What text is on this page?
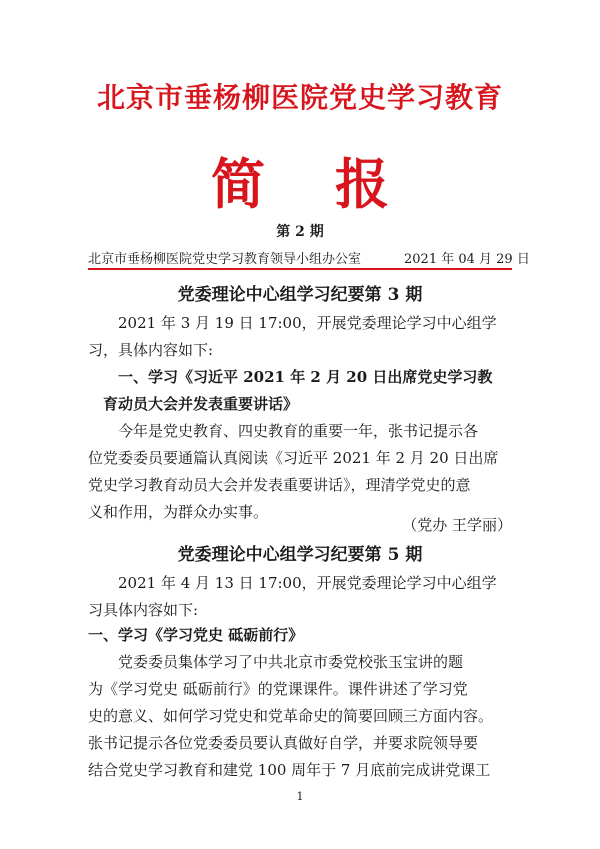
北京市垂杨柳医院党史学习教育
简报
第 2 期
北京市垂杨柳医院党史学习教育领导小组办公室	2021 年 04 月 29 日
党委理论中心组学习纪要第 3 期
2021 年 3 月 19 日 17:00，开展党委理论学习中心组学
习，具体内容如下:
一、学习《习近平 2021 年 2 月 20 日出席党史学习教
育动员大会并发表重要讲话》
今年是党史教育、四史教育的重要一年，张书记提示各
位党委委员要通篇认真阅读《习近平 2021 年 2 月 20 日出席
党史学习教育动员大会并发表重要讲话》，理清学党史的意
义和作用，为群众办实事。
（党办 王学丽）
党委理论中心组学习纪要第 5 期
2021 年 4 月 13 日 17:00，开展党委理论学习中心组学
习具体内容如下:
一、学习《学习党史 砥砺前行》
党委委员集体学习了中共北京市委党校张玉宝讲的题
为《学习党史 砥砺前行》的党课课件。课件讲述了学习党
史的意义、如何学习党史和党革命史的简要回顾三方面内容。
张书记提示各位党委委员要认真做好自学，并要求院领导要
结合党史学习教育和建党 100 周年于 7 月底前完成讲党课工
1
